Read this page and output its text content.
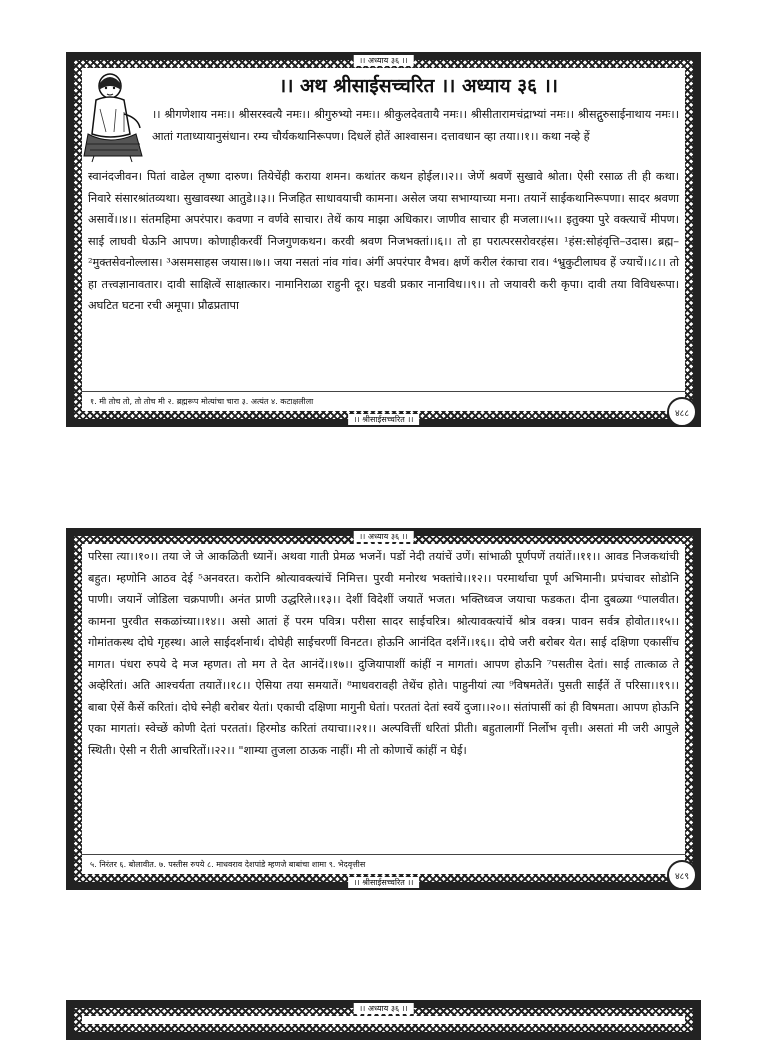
।। अध्याय ३६ ।।
।। अथ श्रीसाईसच्चरित ।। अध्याय ३६ ।।

।। श्रीगणेशाय नमः।। श्रीसरस्वत्यै नमः।। श्रीगुरुभ्यो नमः।। श्रीकुलदेवतायै नमः।। श्रीसीतारामचंद्राभ्यां नमः।। श्रीसद्गुरुसाईनाथाय नमः।। आतां गताध्यायानुसंधान। रम्य चौर्यकथानिरूपण। दिधलें होतें आश्वासन। दत्तावधान व्हा तया।।१।। कथा नव्हे हें

स्वानंदजीवन। पितां वाढेल तृष्णा दारुण। तियेचेंही कराया शमन। कथांतर कथन होईल।।२।। जेणें श्रवणें सुखावे श्रोता। ऐसी रसाळ ती ही कथा। निवारे संसारश्रांतव्यथा। सुखावस्था आतुडे।।३।। निजहित साधावयाची कामना। असेल जया सभाग्याच्या मना। तयानें साईकथानिरूपणा। सादर श्रवणा असावें।।४।। संतमहिमा अपरंपार। कवणा न वर्णवे साचार। तेथें काय माझा अधिकार। जाणीव साचार ही मजला।।५।। इतुक्या पुरे वक्त्याचें मीपण। साई लाघवी घेऊनि आपण। कोणाहीकरवीं निजगुणकथन। करवी श्रवण निजभक्तां।।६।। तो हा परात्परसरोवरहंस। ¹हंस:सोहंवृत्ति–उदास। ब्रह्म–²मुक्तसेवनोल्लास। ³असमसाहस जयास।।७।। जया नसतां नांव गांव। अंगीं अपरंपार वैभव। क्षणें करील रंकाचा राव। ⁴भ्रुकुटीलाघव हें ज्याचें।।८।। तो हा तत्त्वज्ञानावतार। दावी साक्षित्वें साक्षात्कार। नामानिराळा राहुनी दूर। घडवी प्रकार नानाविध।।९।। तो जयावरी करी कृपा। दावी तया विविधरूपा। अघटित घटना रची अमूपा। प्रौढप्रतापा

१. मी तोच तो, तो तोच मी २. ब्रह्मरूप मोत्यांचा चारा ३. अत्यंत ४. कटाक्षलीला
।। श्रीसाईसच्चरित ।।
४८८
।। अध्याय ३६ ।।

परिसा त्या।।१०।। तया जे जे आकळिती ध्यानें। अथवा गाती प्रेमळ भजनें। पडों नेदी तयांचें उणें। सांभाळी पूर्णपणें तयांतें।।११।। आवड निजकथांची बहुत। म्हणोनि आठव देई ⁵अनवरत। करोनि श्रोत्यावक्त्यांचें निमित्त। पुरवी मनोरथ भक्तांचे।।१२।। परमार्थाचा पूर्ण अभिमानी। प्रपंचावर सोडोनि पाणी। जयानें जोडिला चक्रपाणी। अनंत प्राणी उद्धरिले।।१३।। देशीं विदेशीं जयातें भजत। भक्तिध्वज जयाचा फडकत। दीना दुबळ्या ⁶पालवीत। कामना पुरवीत सकळांच्या।।१४।। असो आतां हें परम पवित्र। परीसा सादर साईचरित्र। श्रोत्यावक्त्यांचें श्रोत्र वक्त्र। पावन सर्वत्र होवोत।।१५।। गोमांतकस्थ दोघे गृहस्थ। आले साईदर्शनार्थ। दोघेही साईचरणीं विनटत। होऊनि आनंदित दर्शनें।।१६।। दोघे जरी बरोबर येत। साई दक्षिणा एकासींच मागत। पंधरा रुपये दे मज म्हणत। तो मग ते देत आनंदें।।१७।। दुजियापाशीं कांहीं न मागतां। आपण होऊनि ⁷पसतीस देतां। साई तात्काळ ते अव्हेरितां। अति आश्चर्यता तयातें।।१८।। ऐसिया तया समयातें। ⁸माधवरावही तेथेंच होते। पाहुनीयां त्या ⁹विषमतेतें। पुसती साईंतें तें परिसा।।१९।। बाबा ऐसें कैसें करितां। दोघे स्नेही बरोबर येतां। एकाची दक्षिणा मागुनी घेतां। परततां देतां स्वयें दुजा।।२०।। संतांपासीं कां ही विषमता। आपण होऊनि एका मागतां। स्वेच्छें कोणी देतां परततां। हिरमोड करितां तयाचा।।२१।। अल्पवित्तीं धरितां प्रीती। बहुतालागीं निर्लोभ वृत्ती। असतां मी जरी आपुले स्थिती। ऐसी न रीती आचरितों।।२२।। "शाम्या तुजला ठाऊक नाहीं। मी तो कोणाचें कांहीं न घेई।

५. निरंतर ६. बोलावीत. ७. पस्तीस रुपये ८. माधवराव देशपांडे म्हणजे बाबांचा शामा ९. भेदवृत्तीस
।। श्रीसाईसच्चरित ।।
४८९
।। अध्याय ३६ ।।
